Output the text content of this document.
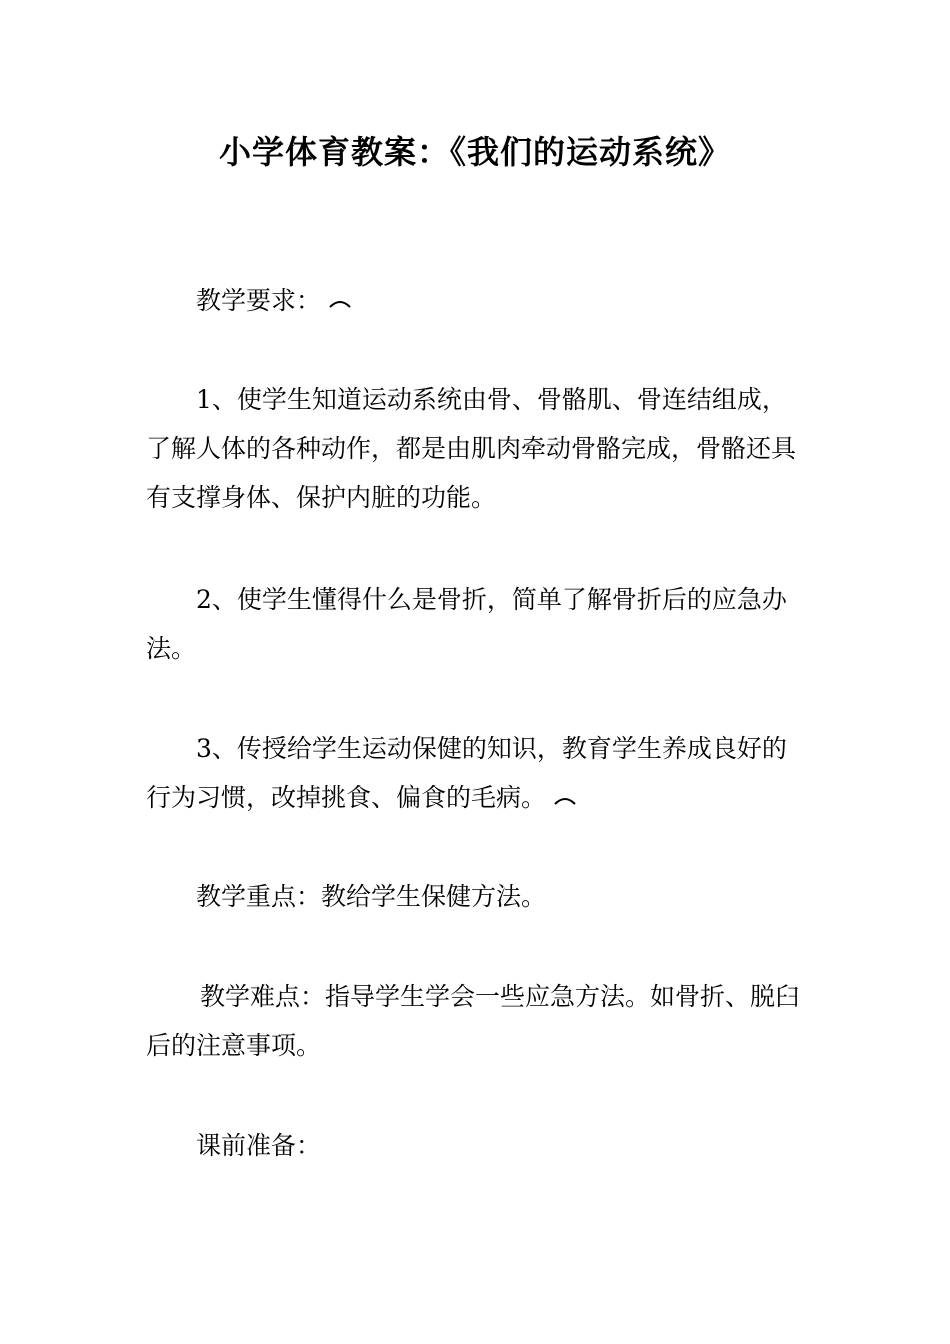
小学体育教案：《我们的运动系统》

教学要求：

1、使学生知道运动系统由骨、骨骼肌、骨连结组成，了解人体的各种动作，都是由肌肉牵动骨骼完成，骨骼还具有支撑身体、保护内脏的功能。

2、使学生懂得什么是骨折，简单了解骨折后的应急办法。

3、传授给学生运动保健的知识，教育学生养成良好的行为习惯，改掉挑食、偏食的毛病。

教学重点：教给学生保健方法。

教学难点：指导学生学会一些应急方法。如骨折、脱臼后的注意事项。

课前准备：
